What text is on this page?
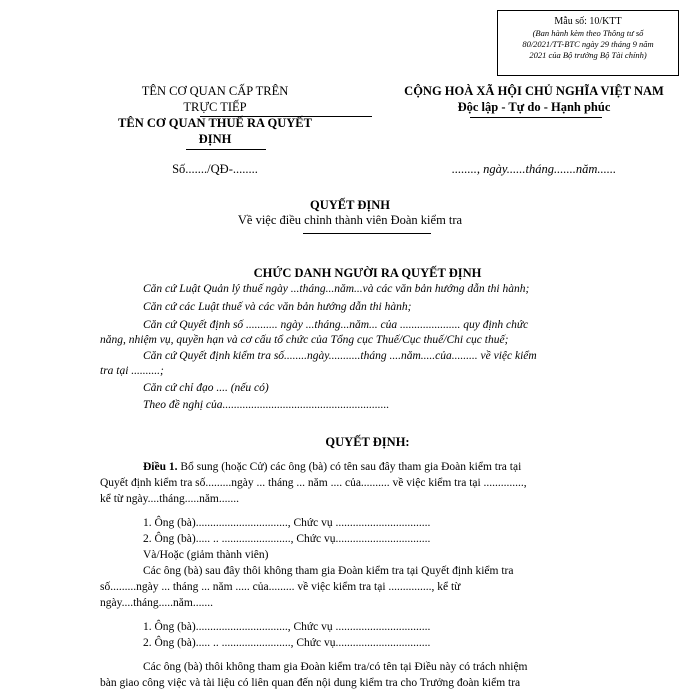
Mẫu số: 10/KTT
(Ban hành kèm theo Thông tư số
80/2021/TT-BTC ngày 29 tháng 9 năm
2021 của Bộ trưởng Bộ Tài chính)
TÊN CƠ QUAN CẤP TRÊN
TRỰC TIẾP
TÊN CƠ QUAN THUẾ RA QUYẾT
ĐỊNH
Số......./QĐ-........
CỘNG HOÀ XÃ HỘI CHỦ NGHĨA VIỆT NAM
Độc lập - Tự do - Hạnh phúc
........, ngày......tháng.......năm......
QUYẾT ĐỊNH
Về việc điều chỉnh thành viên Đoàn kiểm tra
CHỨC DANH NGƯỜI RA QUYẾT ĐỊNH
Căn cứ Luật Quản lý thuế ngày ...tháng...năm...và các văn bản hướng dẫn thi hành;
Căn cứ các Luật thuế và các văn bản hướng dẫn thi hành;
Căn cứ Quyết định số ........... ngày ...tháng...năm... của ..................... quy định chức
năng, nhiệm vụ, quyền hạn và cơ cấu tổ chức của Tổng cục Thuế/Cục thuế/Chi cục thuế;
Căn cứ Quyết định kiểm tra số........ngày...........tháng ....năm.....của......... về việc kiểm
tra tại ..........;
Căn cứ chỉ đạo .... (nếu có)
Theo đề nghị của..........................................................
QUYẾT ĐỊNH:
Điều 1. Bổ sung (hoặc Cử) các ông (bà) có tên sau đây tham gia Đoàn kiểm tra tại
Quyết định kiểm tra số.........ngày ... tháng ... năm .... của.......... về việc kiểm tra tại ..............,
kể từ ngày....tháng.....năm.......
1. Ông (bà)................................, Chức vụ .................................
2. Ông (bà)..... .. ........................, Chức vụ.................................
Và/Hoặc (giảm thành viên)
Các ông (bà) sau đây thôi không tham gia Đoàn kiểm tra tại Quyết định kiểm tra
số.........ngày ... tháng ... năm ..... của......... về việc kiểm tra tại ..............., kể từ
ngày....tháng.....năm.......
1. Ông (bà)................................, Chức vụ .................................
2. Ông (bà)..... .. ........................, Chức vụ.................................
Các ông (bà) thôi không tham gia Đoàn kiểm tra/có tên tại Điều này có trách nhiệm
bàn giao công việc và tài liệu có liên quan đến nội dung kiểm tra cho Trưởng đoàn kiểm tra
